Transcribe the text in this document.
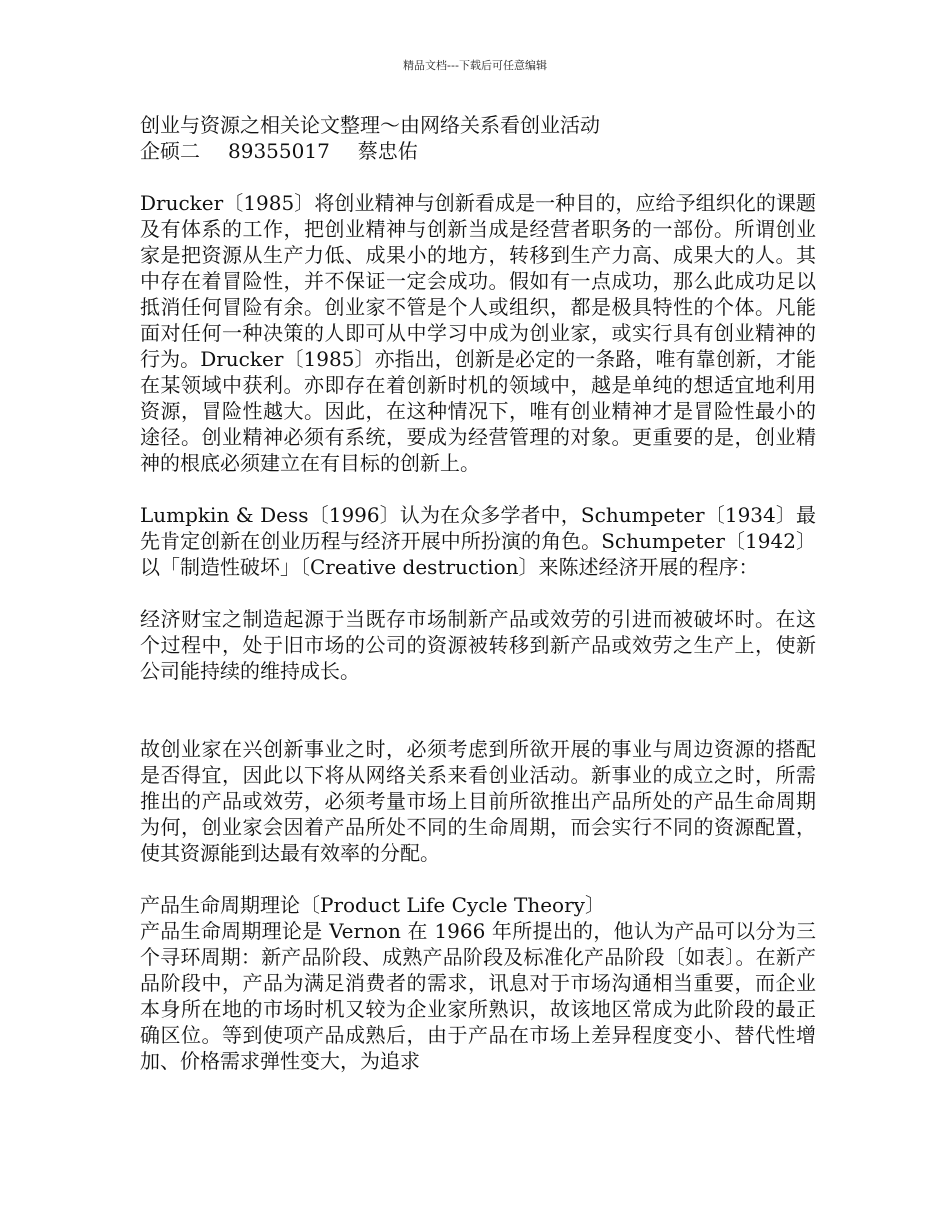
精品文档---下载后可任意编辑

创业与资源之相关论文整理～由网络关系看创业活动

企硕二 89355017 蔡忠佑

Drucker〔1985〕将创业精神与创新看成是一种目的，应给予组织化的课题及有体系的工作，把创业精神与创新当成是经营者职务的一部份。所谓创业家是把资源从生产力低、成果小的地方，转移到生产力高、成果大的人。其中存在着冒险性，并不保证一定会成功。假如有一点成功，那么此成功足以抵消任何冒险有余。创业家不管是个人或组织，都是极具特性的个体。凡能面对任何一种决策的人即可从中学习中成为创业家，或实行具有创业精神的行为。Drucker〔1985〕亦指出，创新是必定的一条路，唯有靠创新，才能在某领域中获利。亦即存在着创新时机的领域中，越是单纯的想适宜地利用资源，冒险性越大。因此，在这种情况下，唯有创业精神才是冒险性最小的途径。创业精神必须有系统，要成为经营管理的对象。更重要的是，创业精神的根底必须建立在有目标的创新上。

Lumpkin & Dess〔1996〕认为在众多学者中，Schumpeter〔1934〕最先肯定创新在创业历程与经济开展中所扮演的角色。Schumpeter〔1942〕以「制造性破坏」〔Creative destruction〕来陈述经济开展的程序：

经济财宝之制造起源于当既存市场制新产品或效劳的引进而被破坏时。在这个过程中，处于旧市场的公司的资源被转移到新产品或效劳之生产上，使新公司能持续的维持成长。

故创业家在兴创新事业之时，必须考虑到所欲开展的事业与周边资源的搭配是否得宜，因此以下将从网络关系来看创业活动。新事业的成立之时，所需推出的产品或效劳，必须考量市场上目前所欲推出产品所处的产品生命周期为何，创业家会因着产品所处不同的生命周期，而会实行不同的资源配置，使其资源能到达最有效率的分配。

产品生命周期理论〔Product Life Cycle Theory〕

产品生命周期理论是 Vernon 在 1966 年所提出的，他认为产品可以分为三个寻环周期：新产品阶段、成熟产品阶段及标准化产品阶段〔如表〕。在新产品阶段中，产品为满足消费者的需求，讯息对于市场沟通相当重要，而企业本身所在地的市场时机又较为企业家所熟识，故该地区常成为此阶段的最正确区位。等到使项产品成熟后，由于产品在市场上差异程度变小、替代性增加、价格需求弹性变大，为追求
